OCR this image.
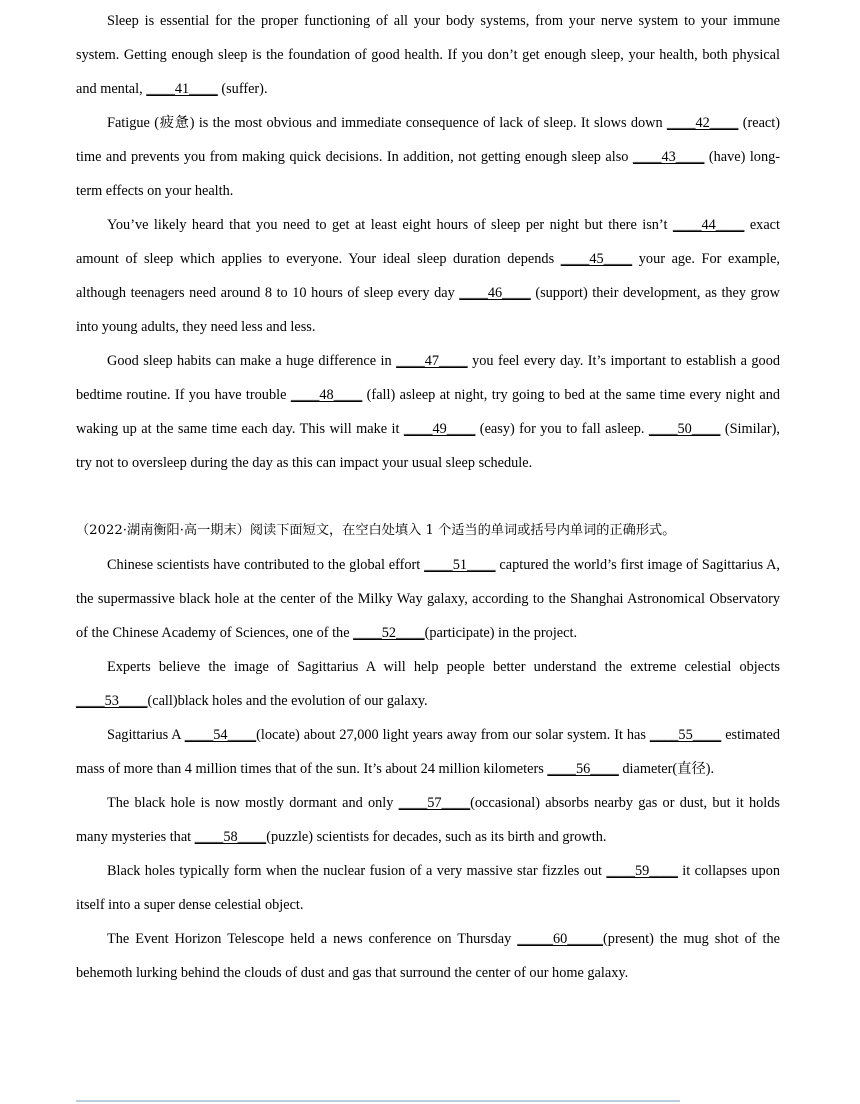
Sleep is essential for the proper functioning of all your body systems, from your nerve system to your immune system. Getting enough sleep is the foundation of good health. If you don’t get enough sleep, your health, both physical and mental, ____41____ (suffer).

Fatigue (疲惫) is the most obvious and immediate consequence of lack of sleep. It slows down ____42____ (react) time and prevents you from making quick decisions. In addition, not getting enough sleep also ____43____ (have) long-term effects on your health.

You’ve likely heard that you need to get at least eight hours of sleep per night but there isn’t ____44____ exact amount of sleep which applies to everyone. Your ideal sleep duration depends ____45____ your age. For example, although teenagers need around 8 to 10 hours of sleep every day ____46____ (support) their development, as they grow into young adults, they need less and less.

Good sleep habits can make a huge difference in ____47____ you feel every day. It’s important to establish a good bedtime routine. If you have trouble ____48____ (fall) asleep at night, try going to bed at the same time every night and waking up at the same time each day. This will make it ____49____ (easy) for you to fall asleep. ____50____ (Similar), try not to oversleep during the day as this can impact your usual sleep schedule.

（2022·湖南衡阳·高一期末）阅读下面短文，在空白处填入 1 个适当的单词或括号内单词的正确形式。

Chinese scientists have contributed to the global effort ____51____ captured the world’s first image of Sagittarius A, the supermassive black hole at the center of the Milky Way galaxy, according to the Shanghai Astronomical Observatory of the Chinese Academy of Sciences, one of the ____52____(participate) in the project.

Experts believe the image of Sagittarius A will help people better understand the extreme celestial objects ____53____(call)black holes and the evolution of our galaxy.

Sagittarius A ____54____(locate) about 27,000 light years away from our solar system. It has ____55____ estimated mass of more than 4 million times that of the sun. It’s about 24 million kilometers ____56____ diameter(直径).

The black hole is now mostly dormant and only ____57____(occasional) absorbs nearby gas or dust, but it holds many mysteries that ____58____(puzzle) scientists for decades, such as its birth and growth.

Black holes typically form when the nuclear fusion of a very massive star fizzles out ____59____ it collapses upon itself into a super dense celestial object.

The Event Horizon Telescope held a news conference on Thursday _____60_____(present) the mug shot of the behemoth lurking behind the clouds of dust and gas that surround the center of our home galaxy.
